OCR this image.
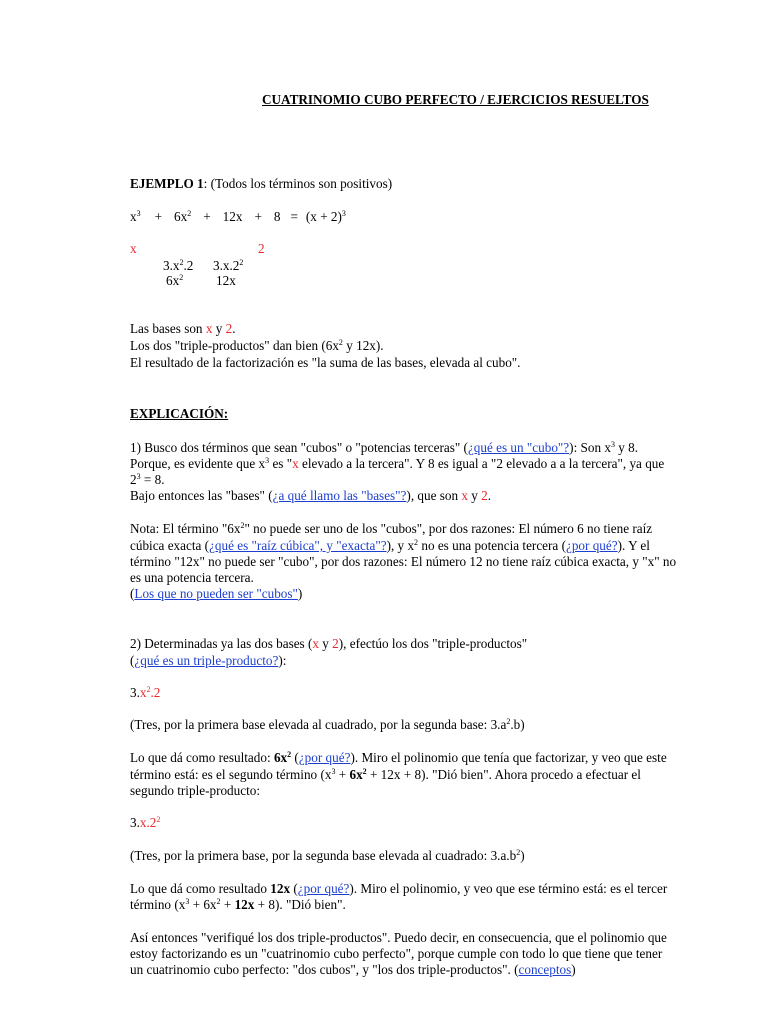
CUATRINOMIO CUBO PERFECTO / EJERCICIOS RESUELTOS
EJEMPLO 1: (Todos los términos son positivos)
$x^3 + 6x^2 + 12x + 8 = (x + 2)^3$
x	2
$3.x^2.2$ $3.x.2^2$
$6x^2$ 12x
Las bases son x y 2.
Los dos "triple-productos" dan bien ($6x^2$ y 12x).
El resultado de la factorización es "la suma de las bases, elevada al cubo".
EXPLICACIÓN:
1) Busco dos términos que sean "cubos" o "potencias terceras" (¿qué es un "cubo"?): Son $x^3$ y 8.
Porque, es evidente que $x^3$ es "x elevado a la tercera". Y 8 es igual a "2 elevado a a la tercera", ya que
$2^3 = 8$.
Bajo entonces las "bases" (¿a qué llamo las "bases"?), que son x y 2.
Nota: El término "$6x^2$" no puede ser uno de los "cubos", por dos razones: El número 6 no tiene raíz
cúbica exacta (¿qué es "raíz cúbica", y "exacta"?), y $x^2$ no es una potencia tercera (¿por qué?). Y el
término "12x" no puede ser "cubo", por dos razones: El número 12 no tiene raíz cúbica exacta, y "x" no
es una potencia tercera.
(Los que no pueden ser "cubos")
2) Determinadas ya las dos bases (x y 2), efectúo los dos "triple-productos"
(¿qué es un triple-producto?):
$3.x^2.2$
(Tres, por la primera base elevada al cuadrado, por la segunda base: $3.a^2.b$)
Lo que dá como resultado: $6x^2$ (¿por qué?). Miro el polinomio que tenía que factorizar, y veo que este
término está: es el segundo término $(x^3 + 6x^2 + 12x + 8)$. "Dió bien". Ahora procedo a efectuar el
segundo triple-producto:
$3.x.2^2$
(Tres, por la primera base, por la segunda base elevada al cuadrado: $3.a.b^2$)
Lo que dá como resultado 12x (¿por qué?). Miro el polinomio, y veo que ese término está: es el tercer
término $(x^3 + 6x^2 + 12x + 8)$. "Dió bien".
Así entonces "verifiqué los dos triple-productos". Puedo decir, en consecuencia, que el polinomio que
estoy factorizando es un "cuatrinomio cubo perfecto", porque cumple con todo lo que tiene que tener
un cuatrinomio cubo perfecto: "dos cubos", y "los dos triple-productos". (conceptos)
